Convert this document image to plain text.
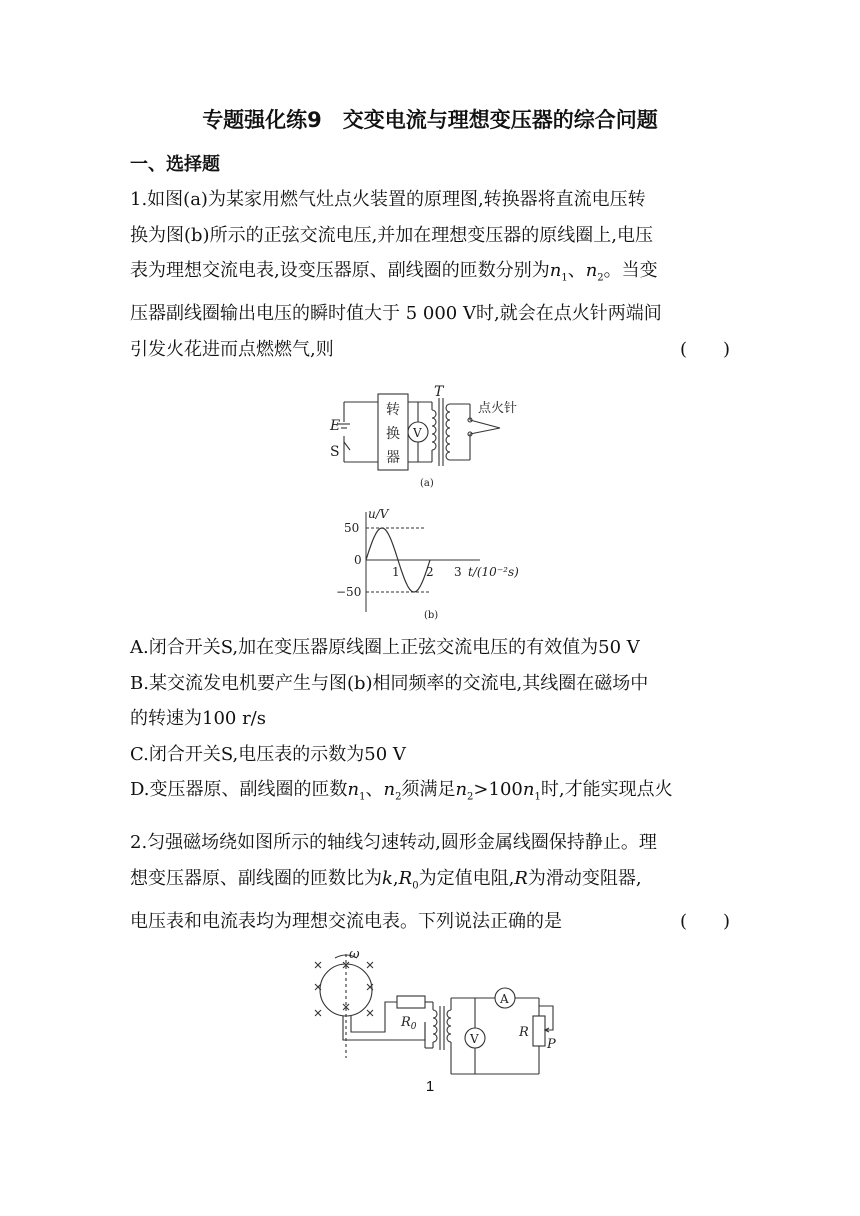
专题强化练9　交变电流与理想变压器的综合问题
一、选择题
1.如图(a)为某家用燃气灶点火装置的原理图,转换器将直流电压转
换为图(b)所示的正弦交流电压,并加在理想变压器的原线圈上,电压
表为理想交流电表,设变压器原、副线圈的匝数分别为$n_1$、$n_2$。当变
压器副线圈输出电压的瞬时值大于 5 000 V时,就会在点火针两端间
引发火花进而点燃燃气,则	(　　)
E
S
T
转
换
器
V
点火针
(a)
u/V
50
0
−50
1 2 3 t/(10⁻²s)
(b)
A.闭合开关S,加在变压器原线圈上正弦交流电压的有效值为50 V
B.某交流发电机要产生与图(b)相同频率的交流电,其线圈在磁场中
的转速为100 r/s
C.闭合开关S,电压表的示数为50 V
D.变压器原、副线圈的匝数$n_1$、$n_2$须满足$n_2>100n_1$时,才能实现点火
2.匀强磁场绕如图所示的轴线匀速转动,圆形金属线圈保持静止。理
想变压器原、副线圈的匝数比为$k,R_0$为定值电阻,R为滑动变阻器,
电压表和电流表均为理想交流电表。下列说法正确的是	(　　)
ω
$R_0$
A
V	R
P
1
